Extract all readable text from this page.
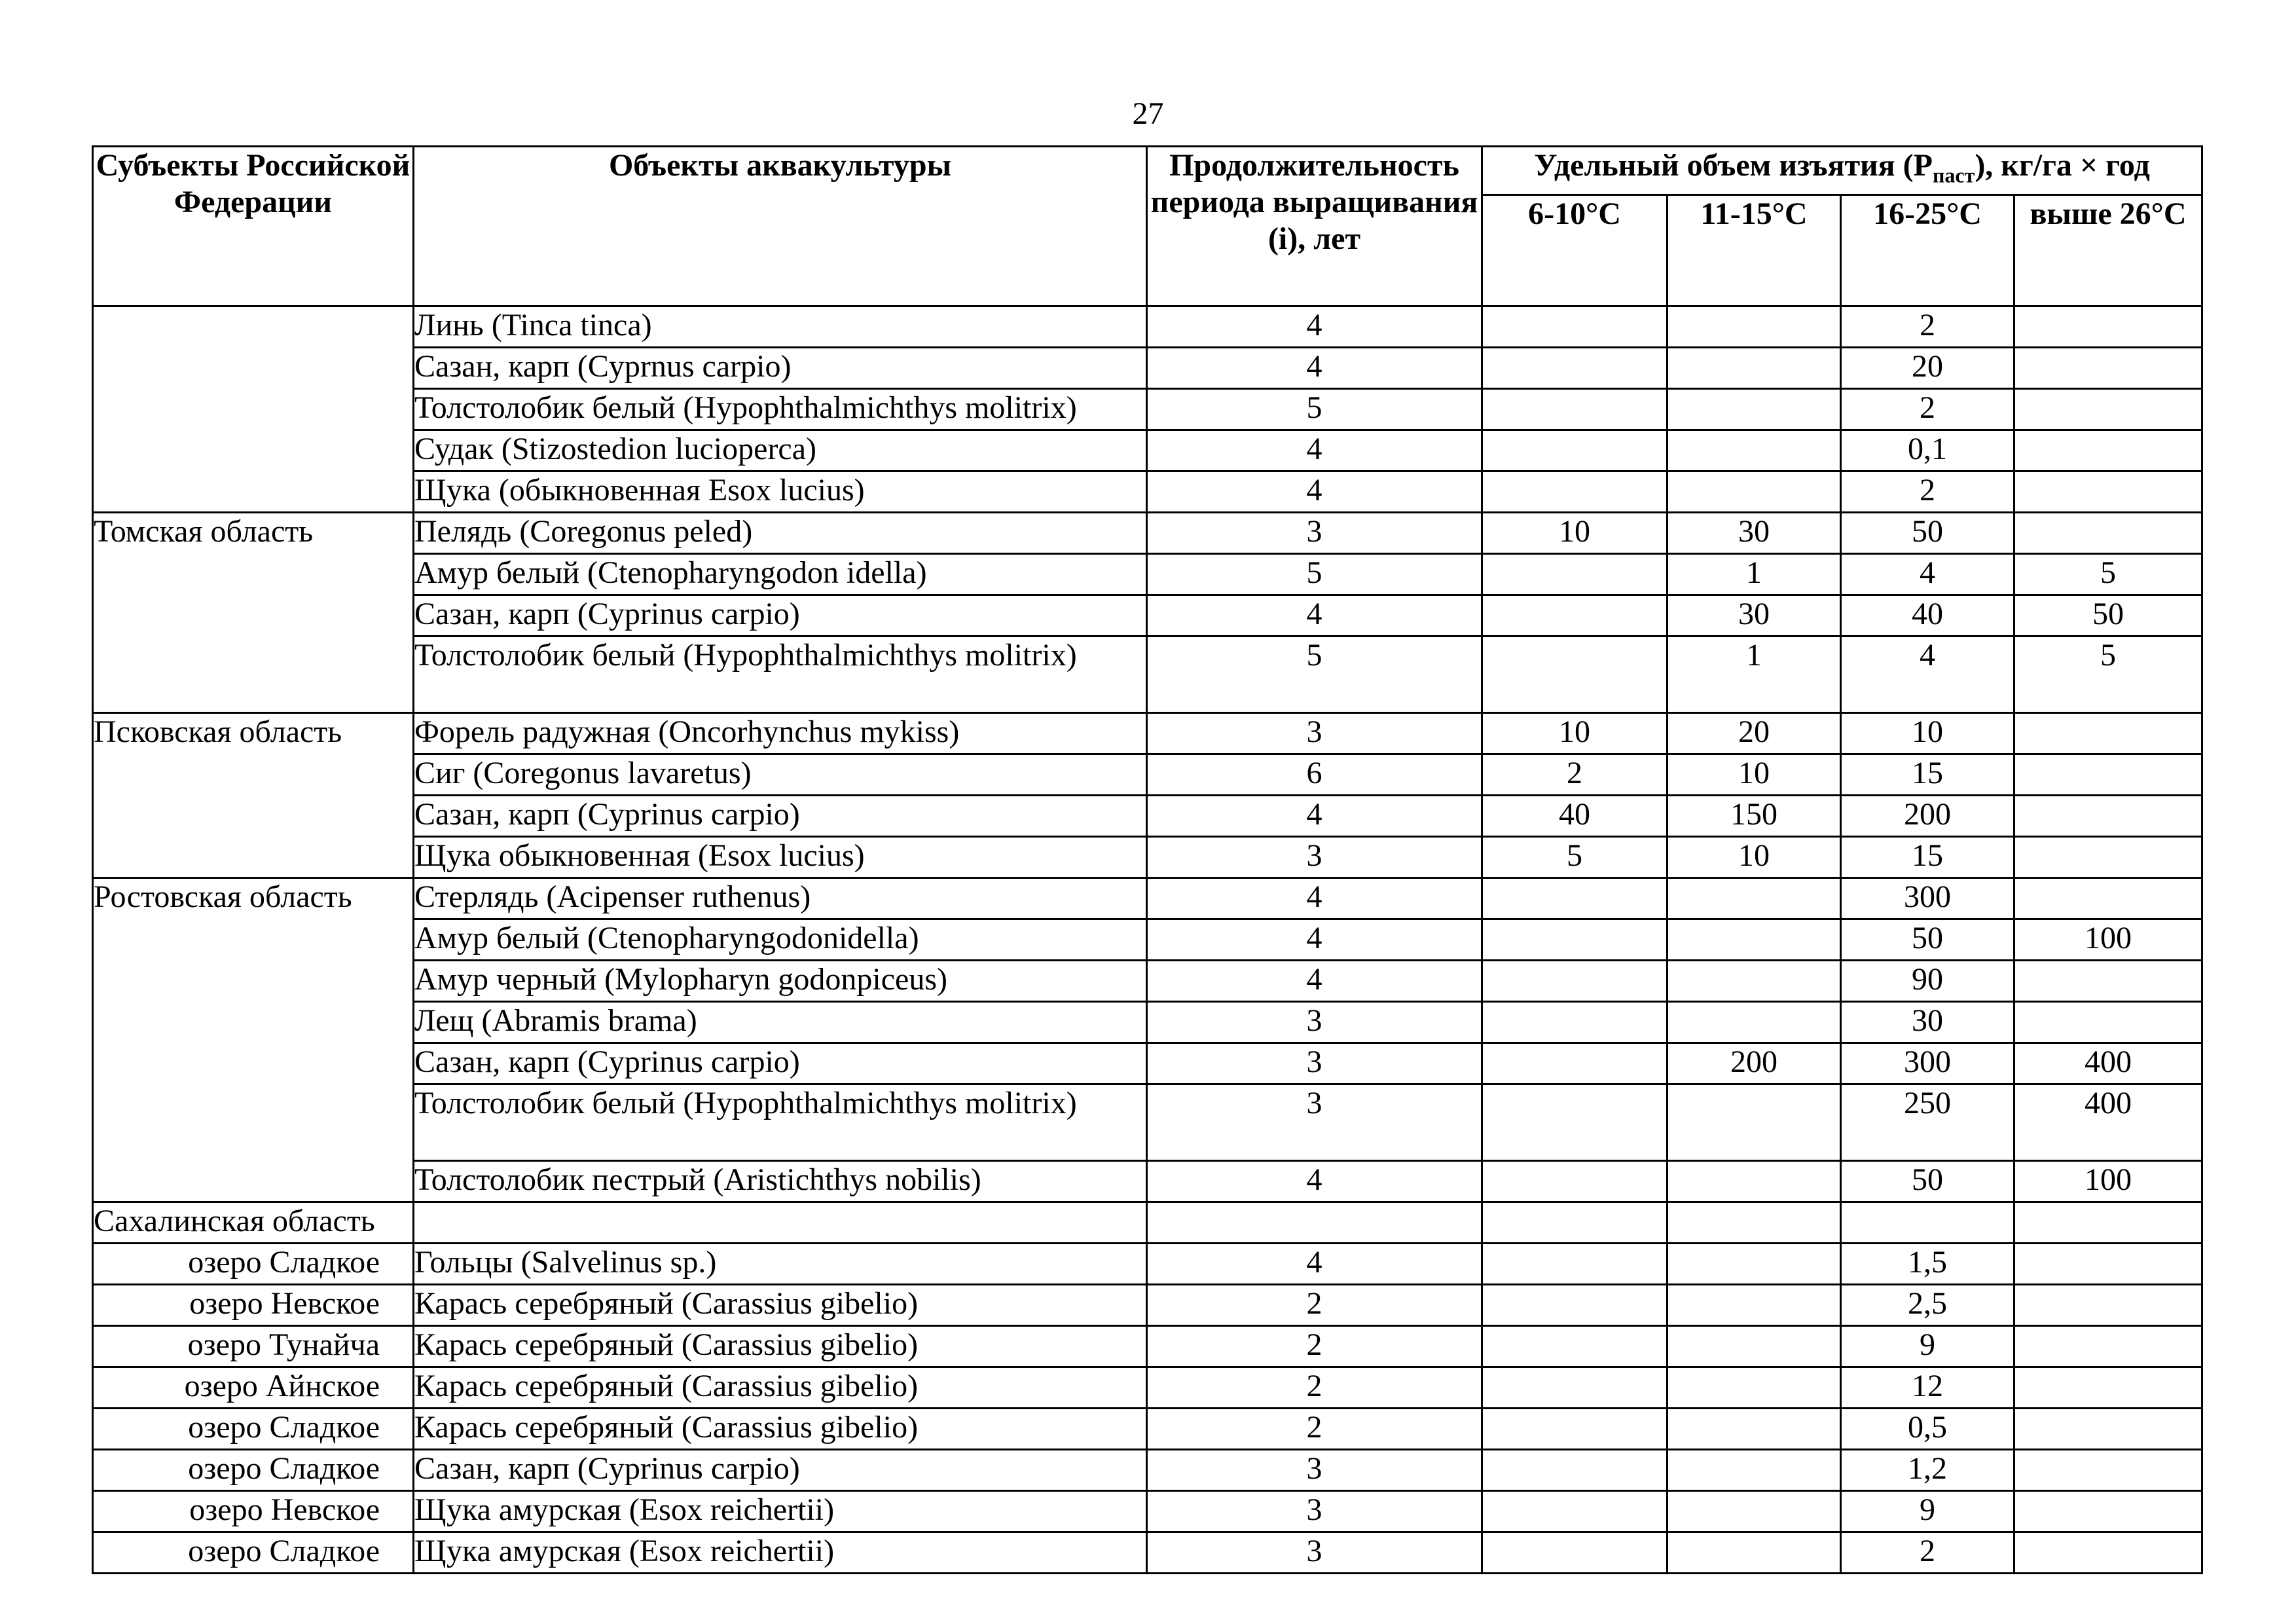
27
Субъекты Российской Федерации	Объекты аквакультуры	Продолжительность периода выращивания (i), лет	Удельный объем изъятия $(P_{паст})$, кг/га × год			
			6-10°С	11-15°С	16-25°С	выше 26°С
	Линь (Tinca tinca)	4			2	
	Сазан, карп (Cyprnus carpio)	4			20	
	Толстолобик белый (Hypophthalmichthys molitrix)	5			2	
	Судак (Stizostedion lucioperca)	4			0,1	
	Щука (обыкновенная Esox lucius)	4			2	
Томская область	Пелядь (Coregonus peled)	3	10	30	50	
	Амур белый (Ctenopharyngodon idella)	5		1	4	5
	Сазан, карп (Cyprinus carpio)	4		30	40	50
	Толстолобик белый (Hypophthalmichthys molitrix)	5		1	4	5
Псковская область	Форель радужная (Oncorhynchus mykiss)	3	10	20	10	
	Сиг (Coregonus lavaretus)	6	2	10	15	
	Сазан, карп (Cyprinus carpio)	4	40	150	200	
	Щука обыкновенная (Esox lucius)	3	5	10	15	
Ростовская область	Стерлядь (Acipenser ruthenus)	4			300	
	Амур белый (Ctenopharyngodonidella)	4			50	100
	Амур черный (Mylopharyn godonpiceus)	4			90	
	Лещ (Abramis brama)	3			30	
	Сазан, карп (Cyprinus carpio)	3		200	300	400
	Толстолобик белый (Hypophthalmichthys molitrix)	3			250	400
	Толстолобик пестрый (Aristichthys nobilis)	4			50	100
Сахалинская область						
озеро Сладкое	Гольцы (Salvelinus sp.)	4			1,5	
озеро Невское	Карась серебряный (Carassius gibelio)	2			2,5	
озеро Тунайча	Карась серебряный (Carassius gibelio)	2			9	
озеро Айнское	Карась серебряный (Carassius gibelio)	2			12	
озеро Сладкое	Карась серебряный (Carassius gibelio)	2			0,5	
озеро Сладкое	Сазан, карп (Cyprinus carpio)	3			1,2	
озеро Невское	Щука амурская (Esox reichertii)	3			9	
озеро Сладкое	Щука амурская (Esox reichertii)	3			2	
